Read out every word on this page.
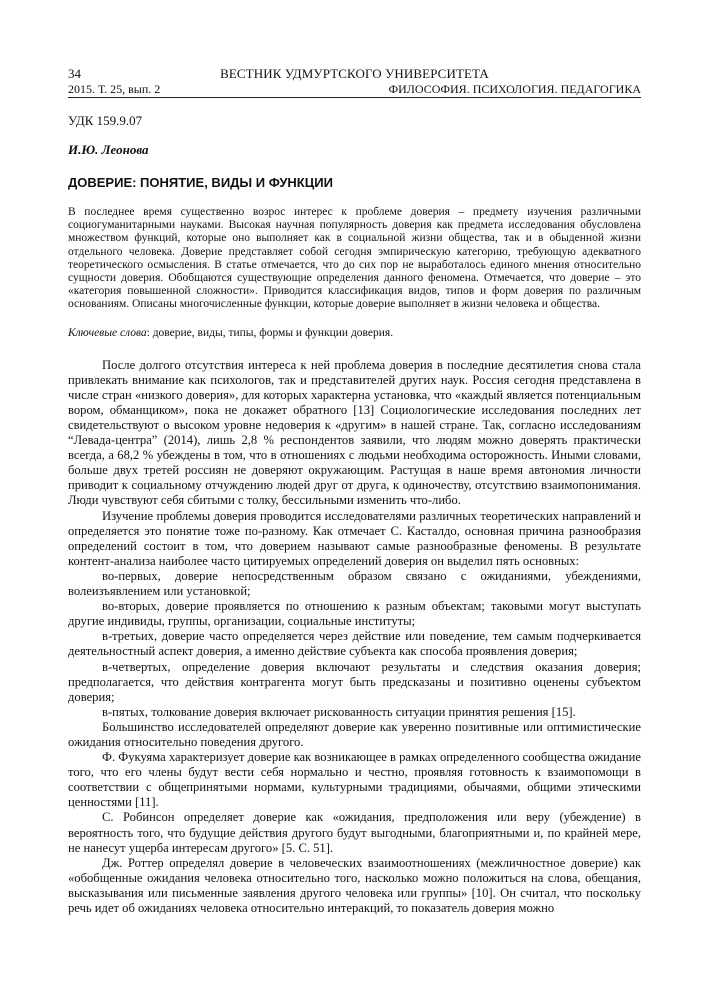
ВЕСТНИК УДМУРТСКОГО УНИВЕРСИТЕТА
34
2015. Т. 25, вып. 2	ФИЛОСОФИЯ. ПСИХОЛОГИЯ. ПЕДАГОГИКА
УДК 159.9.07
И.Ю. Леонова
ДОВЕРИЕ: ПОНЯТИЕ, ВИДЫ И ФУНКЦИИ
В последнее время существенно возрос интерес к проблеме доверия – предмету изучения различными социогуманитарными науками. Высокая научная популярность доверия как предмета исследования обусловлена множеством функций, которые оно выполняет как в социальной жизни общества, так и в обыденной жизни отдельного человека. Доверие представляет собой сегодня эмпирическую категорию, требующую адекватного теоретического осмысления. В статье отмечается, что до сих пор не выработалось единого мнения относительно сущности доверия. Обобщаются существующие определения данного феномена. Отмечается, что доверие – это «категория повышенной сложности». Приводится классификация видов, типов и форм доверия по различным основаниям. Описаны многочисленные функции, которые доверие выполняет в жизни человека и общества.
Ключевые слова: доверие, виды, типы, формы и функции доверия.

После долгого отсутствия интереса к ней проблема доверия в последние десятилетия снова стала привлекать внимание как психологов, так и представителей других наук. Россия сегодня представлена в числе стран «низкого доверия», для которых характерна установка, что «каждый является потенциальным вором, обманщиком», пока не докажет обратного [13] Социологические исследования последних лет свидетельствуют о высоком уровне недоверия к «другим» в нашей стране. Так, согласно исследованиям “Левада-центра” (2014), лишь 2,8 % респондентов заявили, что людям можно доверять практически всегда, а 68,2 % убеждены в том, что в отношениях с людьми необходима осторожность. Иными словами, больше двух третей россиян не доверяют окружающим. Растущая в наше время автономия личности приводит к социальному отчуждению людей друг от друга, к одиночеству, отсутствию взаимопонимания. Люди чувствуют себя сбитыми с толку, бессильными изменить что-либо.

Изучение проблемы доверия проводится исследователями различных теоретических направлений и определяется это понятие тоже по-разному. Как отмечает С. Касталдо, основная причина разнообразия определений состоит в том, что доверием называют самые разнообразные феномены. В результате контент-анализа наиболее часто цитируемых определений доверия он выделил пять основных:

во-первых, доверие непосредственным образом связано с ожиданиями, убеждениями, волеизъявлением или установкой;

во-вторых, доверие проявляется по отношению к разным объектам; таковыми могут выступать другие индивиды, группы, организации, социальные институты;

в-третьих, доверие часто определяется через действие или поведение, тем самым подчеркивается деятельностный аспект доверия, а именно действие субъекта как способа проявления доверия;

в-четвертых, определение доверия включают результаты и следствия оказания доверия; предполагается, что действия контрагента могут быть предсказаны и позитивно оценены субъектом доверия;

в-пятых, толкование доверия включает рискованность ситуации принятия решения [15].

Большинство исследователей определяют доверие как уверенно позитивные или оптимистические ожидания относительно поведения другого.

Ф. Фукуяма характеризует доверие как возникающее в рамках определенного сообщества ожидание того, что его члены будут вести себя нормально и честно, проявляя готовность к взаимопомощи в соответствии с общепринятыми нормами, культурными традициями, обычаями, общими этическими ценностями [11].

С. Робинсон определяет доверие как «ожидания, предположения или веру (убеждение) в вероятность того, что будущие действия другого будут выгодными, благоприятными и, по крайней мере, не нанесут ущерба интересам другого» [5. С. 51].

Дж. Роттер определял доверие в человеческих взаимоотношениях (межличностное доверие) как «обобщенные ожидания человека относительно того, насколько можно положиться на слова, обещания, высказывания или письменные заявления другого человека или группы» [10]. Он считал, что поскольку речь идет об ожиданиях человека относительно интеракций, то показатель доверия можно
